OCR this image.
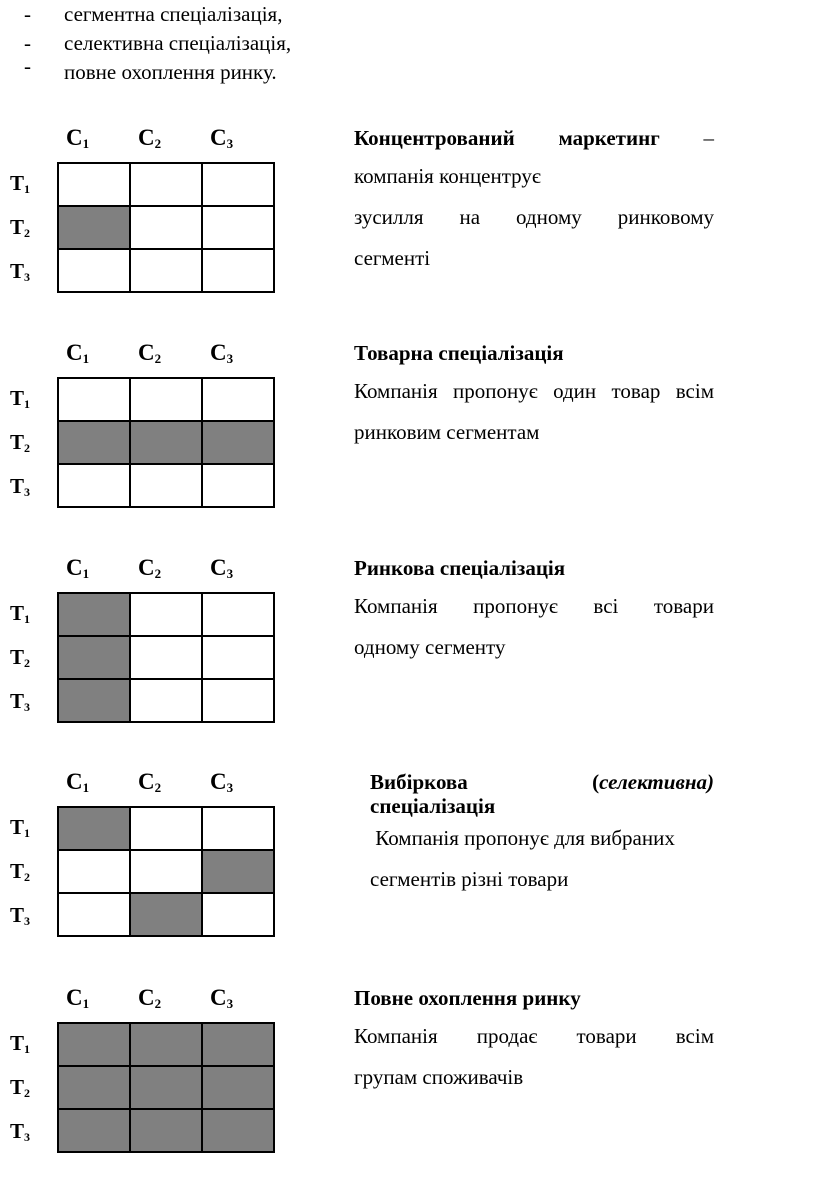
- сегментна спеціалізація,
- селективна спеціалізація,
- повне охоплення ринку.
Концентрований маркетинг –

компанія концентрує

зусилля на одному ринковому

сегменті

$С_1$ $С_2$ $С_3$
$Т_1$
$Т_2$
$Т_3$
Товарна спеціалізація

Компанія пропонує один товар всім

ринковим сегментам

$С_1$ $С_2$ $С_3$
$Т_1$
$Т_2$
$Т_3$
Ринкова спеціалізація

Компанія пропонує всі товари

одному сегменту

$С_1$ $С_2$ $С_3$
$Т_1$
$Т_2$
$Т_3$
Вибіркова	(селективна)
спеціалізація

Компанія пропонує для вибраних

сегментів різні товари

$С_1$ $С_2$ $С_3$
$Т_1$
$Т_2$
$Т_3$
Повне охоплення ринку

Компанія продає товари всім

групам споживачів

$С_1$ $С_2$ $С_3$
$Т_1$
$Т_2$
$Т_3$
